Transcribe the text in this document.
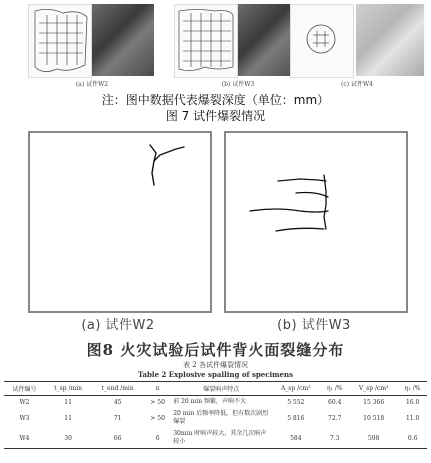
(a) 试件W2	(b) 试件W3	(c) 试件W4
注：图中数据代表爆裂深度（单位：mm）
图 7 试件爆裂情况
(a) 试件W2	(b) 试件W3
图8 火灾试验后试件背火面裂缝分布
表 2 各试件爆裂情况
Table 2 Explosive spalling of specimens
试件编号	t_sp /min	t_end /min	n	爆裂响声特点	A_sp /cm²	η₁ /%	V_sp /cm³	η₂ /%
W2	11	45	> 50	前 20 min 频繁，声响不大	5 552	60.4	15 366	16.0
W3	11	71	> 50	20 min 后频率降低，但有数次剧烈爆裂	5 816	72.7	10 518	11.0
W4	30	66	6	30min 时响声较大，其余几次响声较小	584	7.3	598	0.6
